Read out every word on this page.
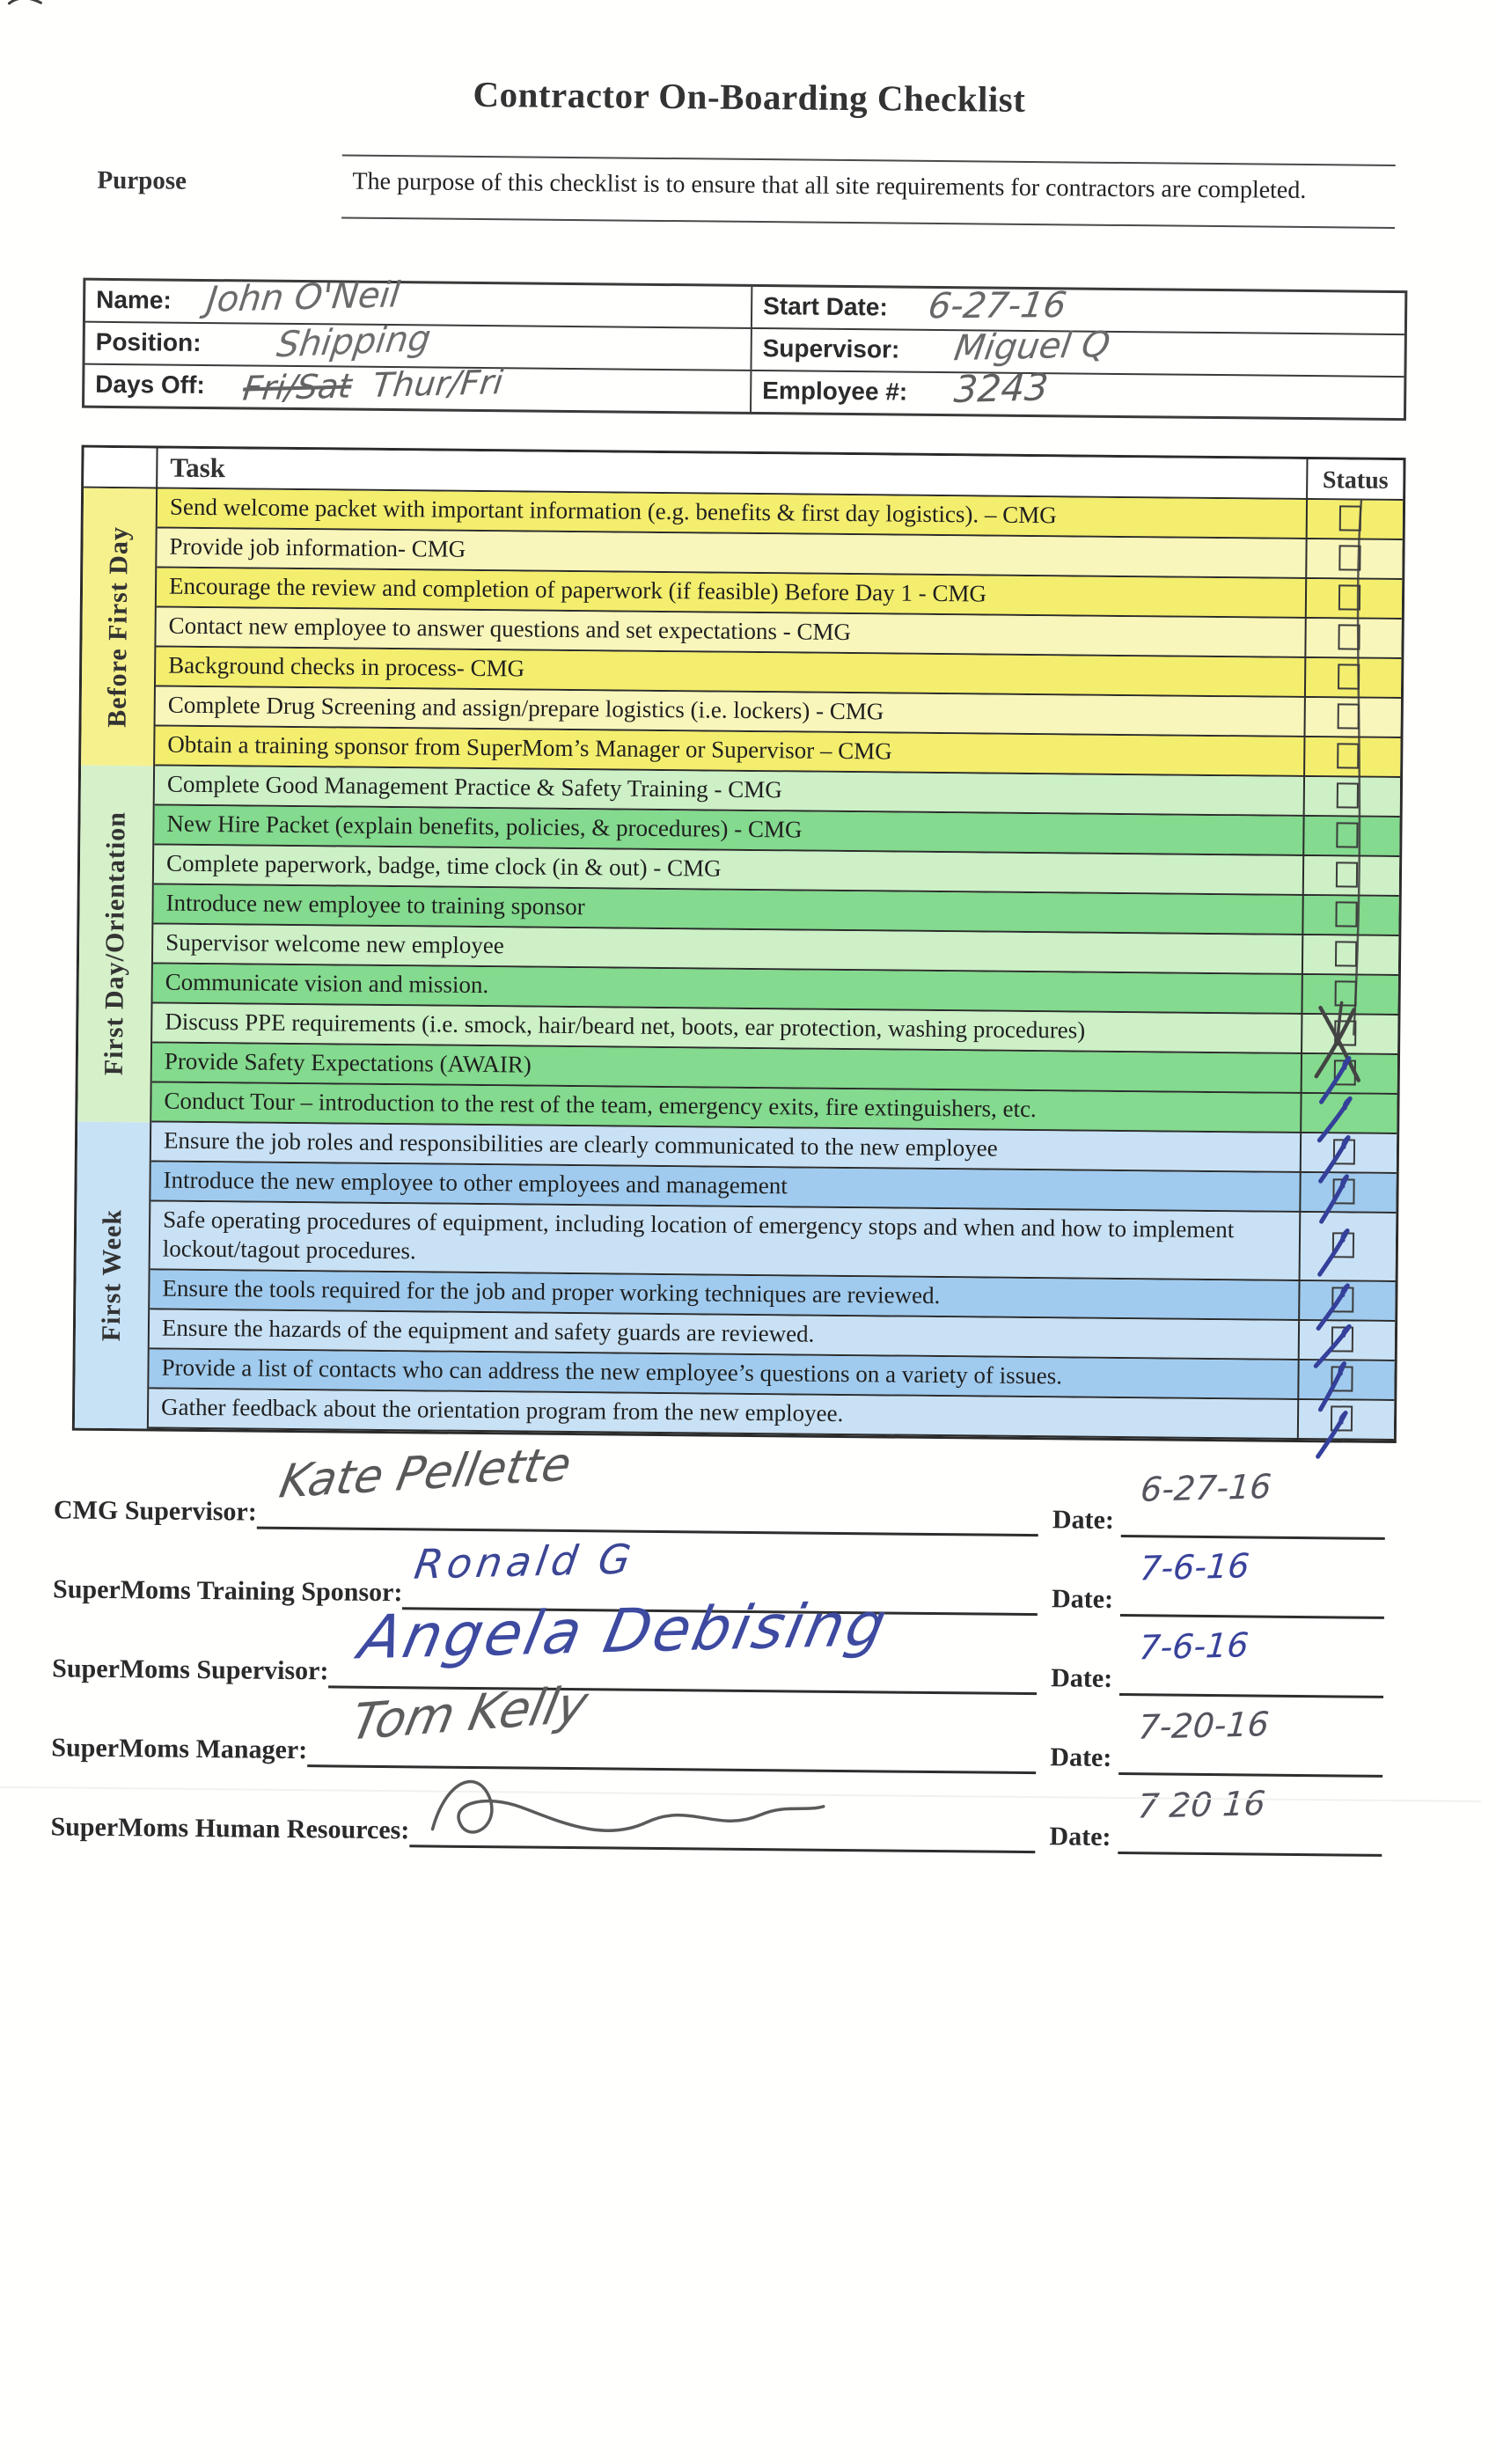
Contractor On-Boarding Checklist
Purpose	The purpose of this checklist is to ensure that all site requirements for contractors are completed.
Name: John O'Neil	Start Date: 6-27-16
Position: Shipping	Supervisor: Miguel Q
Days Off: Fri/Sat Thur/Fri	Employee #: 3243
Task	Status
Before First Day
Send welcome packet with important information (e.g. benefits & first day logistics). – CMG
Provide job information- CMG
Encourage the review and completion of paperwork (if feasible) Before Day 1 - CMG
Contact new employee to answer questions and set expectations - CMG
Background checks in process- CMG
Complete Drug Screening and assign/prepare logistics (i.e. lockers) - CMG
Obtain a training sponsor from SuperMom’s Manager or Supervisor – CMG
First Day/Orientation
Complete Good Management Practice & Safety Training - CMG
New Hire Packet (explain benefits, policies, & procedures) - CMG
Complete paperwork, badge, time clock (in & out) - CMG
Introduce new employee to training sponsor
Supervisor welcome new employee
Communicate vision and mission.
Discuss PPE requirements (i.e. smock, hair/beard net, boots, ear protection, washing procedures)
Provide Safety Expectations (AWAIR)
Conduct Tour – introduction to the rest of the team, emergency exits, fire extinguishers, etc.
First Week
Ensure the job roles and responsibilities are clearly communicated to the new employee
Introduce the new employee to other employees and management
Safe operating procedures of equipment, including location of emergency stops and when and how to implement lockout/tagout procedures.
Ensure the tools required for the job and proper working techniques are reviewed.
Ensure the hazards of the equipment and safety guards are reviewed.
Provide a list of contacts who can address the new employee’s questions on a variety of issues.
Gather feedback about the orientation program from the new employee.
CMG Supervisor:
Kate Pellette
Date:
6-27-16
SuperMoms Training Sponsor:
Ronald G
Date:
7-6-16
SuperMoms Supervisor: Angela Debising
Date:
7-6-16
SuperMoms Manager: Tom Kelly
Date:
7-20-16
SuperMoms Human Resources:	Date:
7 20 16
